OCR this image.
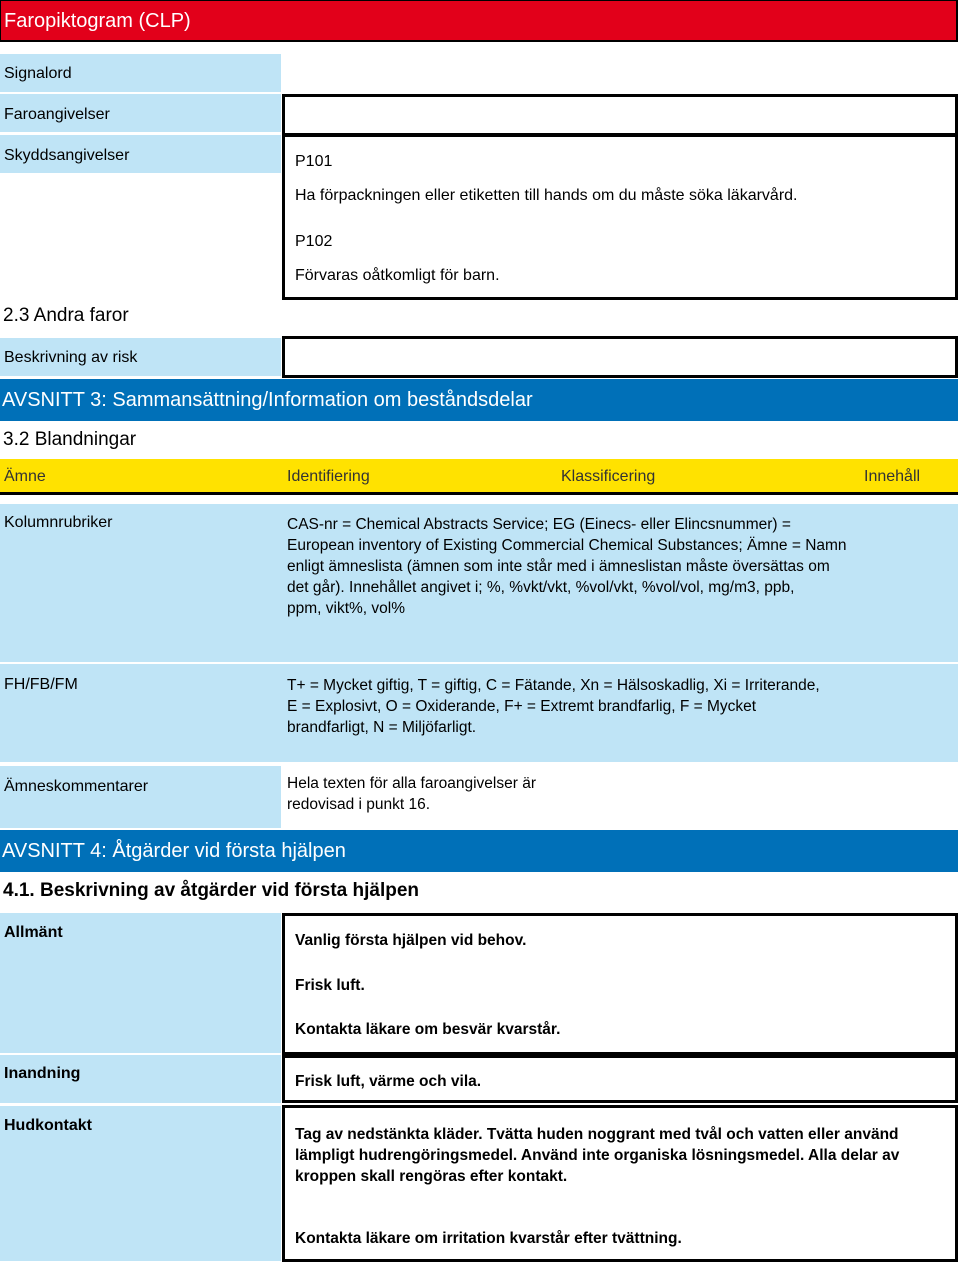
Faropiktogram (CLP)
Signalord
Faroangivelser
Skyddsangivelser	P101
Ha förpackningen eller etiketten till hands om du måste söka läkarvård.
P102
Förvaras oåtkomligt för barn.
2.3 Andra faror
Beskrivning av risk
AVSNITT 3: Sammansättning/Information om beståndsdelar
3.2 Blandningar
Ämne	Identifiering	Klassificering	Innehåll
Kolumnrubriker	CAS-nr = Chemical Abstracts Service; EG (Einecs- eller Elincsnummer) =
European inventory of Existing Commercial Chemical Substances; Ämne = Namn
enligt ämneslista (ämnen som inte står med i ämneslistan måste översättas om
det går). Innehållet angivet i; %, %vkt/vkt, %vol/vkt, %vol/vol, mg/m3, ppb,
ppm, vikt%, vol%
FH/FB/FM	T+ = Mycket giftig, T = giftig, C = Fätande, Xn = Hälsoskadlig, Xi = Irriterande,
E = Explosivt, O = Oxiderande, F+ = Extremt brandfarlig, F = Mycket
brandfarligt, N = Miljöfarligt.
Ämneskommentarer	Hela texten för alla faroangivelser är
redovisad i punkt 16.
AVSNITT 4: Åtgärder vid första hjälpen
4.1. Beskrivning av åtgärder vid första hjälpen
Allmänt	Vanlig första hjälpen vid behov.
Frisk luft.
Kontakta läkare om besvär kvarstår.
Inandning	Frisk luft, värme och vila.
Hudkontakt
Tag av nedstänkta kläder. Tvätta huden noggrant med tvål och vatten eller använd
lämpligt hudrengöringsmedel. Använd inte organiska lösningsmedel. Alla delar av
kroppen skall rengöras efter kontakt.
Kontakta läkare om irritation kvarstår efter tvättning.
